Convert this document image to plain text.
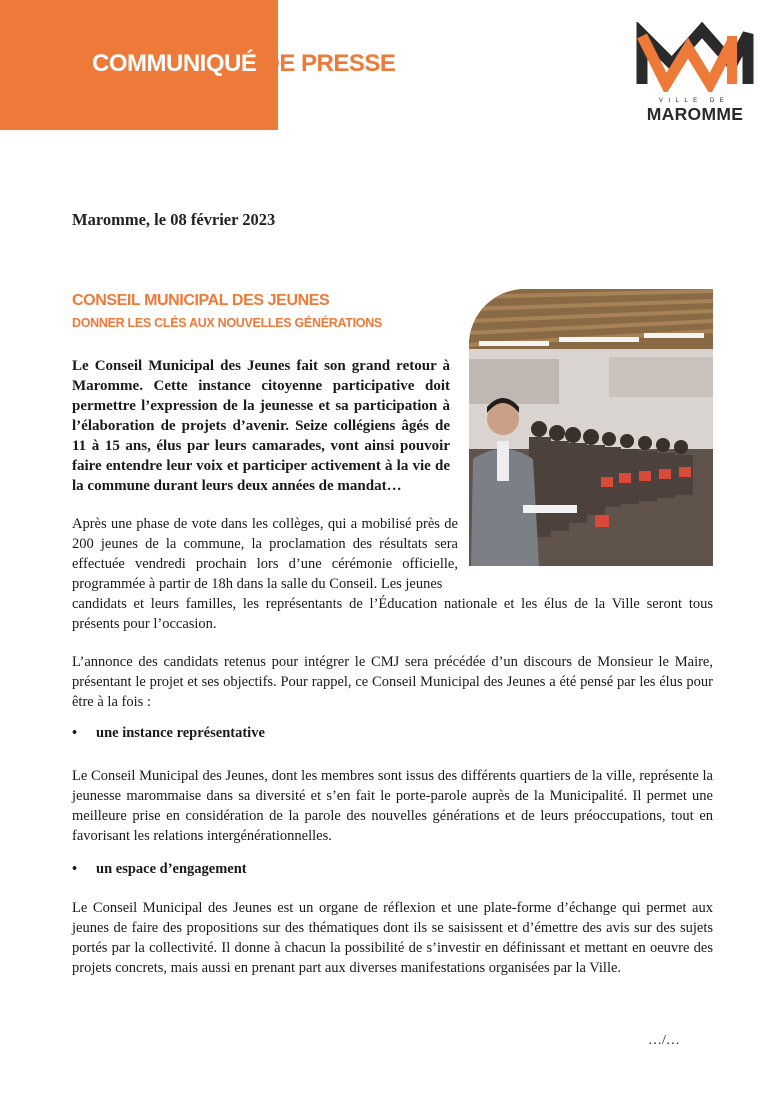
COMMUNIQUÉ DE PRESSE
VILLE DE
MAROMME
Maromme, le 08 février 2023
CONSEIL MUNICIPAL DES JEUNES
DONNER LES CLÉS AUX NOUVELLES GÉNÉRATIONS
Le Conseil Municipal des Jeunes fait son grand retour à Maromme. Cette instance citoyenne participative doit permettre l’expression de la jeunesse et sa participation à l’élaboration de projets d’avenir. Seize collégiens âgés de 11 à 15 ans, élus par leurs camarades, vont ainsi pouvoir faire entendre leur voix et participer activement à la vie de la commune durant leurs deux années de mandat…
Après une phase de vote dans les collèges, qui a mobilisé près de 200 jeunes de la commune, la proclamation des résultats sera effectuée vendredi prochain lors d’une cérémonie officielle, programmée à partir de 18h dans la salle du Conseil. Les jeunes
candidats et leurs familles, les représentants de l’Éducation nationale et les élus de la Ville seront tous présents pour l’occasion.
L’annonce des candidats retenus pour intégrer le CMJ sera précédée d’un discours de Monsieur le Maire, présentant le projet et ses objectifs. Pour rappel, ce Conseil Municipal des Jeunes a été pensé par les élus pour être à la fois :
• une instance représentative
Le Conseil Municipal des Jeunes, dont les membres sont issus des différents quartiers de la ville, représente la jeunesse marommaise dans sa diversité et s’en fait le porte-parole auprès de la Municipalité. Il permet une meilleure prise en considération de la parole des nouvelles générations et de leurs préoccupations, tout en favorisant les relations intergénérationnelles.
• un espace d’engagement
Le Conseil Municipal des Jeunes est un organe de réflexion et une plate-forme d’échange qui permet aux jeunes de faire des propositions sur des thématiques dont ils se saisissent et d’émettre des avis sur des sujets portés par la collectivité. Il donne à chacun la possibilité de s’investir en définissant et mettant en oeuvre des projets concrets, mais aussi en prenant part aux diverses manifestations organisées par la Ville.
…/…
